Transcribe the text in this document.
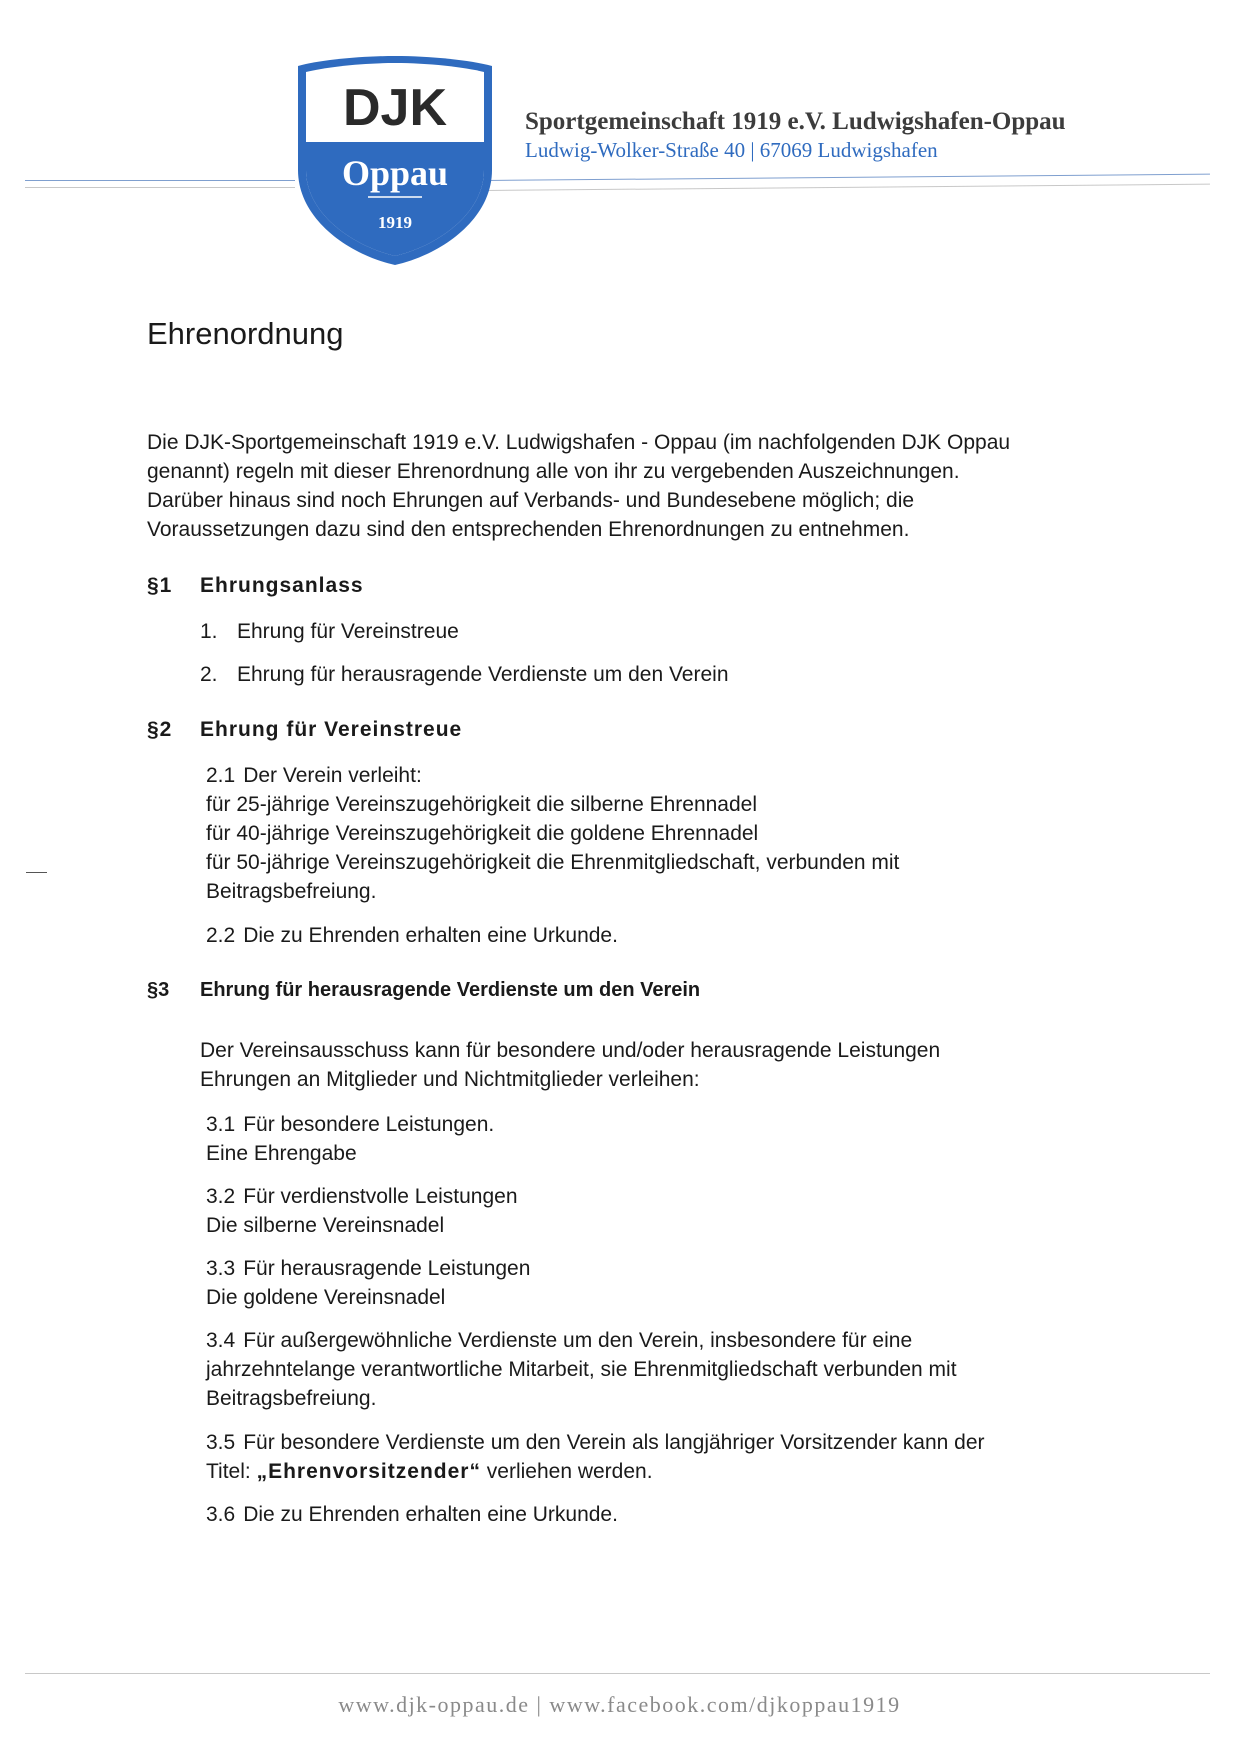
DJK
Oppau
1919
Sportgemeinschaft 1919 e.V. Ludwigshafen-Oppau
Ludwig-Wolker-Straße 40 | 67069 Ludwigshafen
Ehrenordnung
Die DJK-Sportgemeinschaft 1919 e.V. Ludwigshafen - Oppau (im nachfolgenden DJK Oppau
genannt) regeln mit dieser Ehrenordnung alle von ihr zu vergebenden Auszeichnungen.
Darüber hinaus sind noch Ehrungen auf Verbands- und Bundesebene möglich; die
Voraussetzungen dazu sind den entsprechenden Ehrenordnungen zu entnehmen.
§1 Ehrungsanlass
1. Ehrung für Vereinstreue
2. Ehrung für herausragende Verdienste um den Verein
§2 Ehrung für Vereinstreue
2.1 Der Verein verleiht:
für 25-jährige Vereinszugehörigkeit die silberne Ehrennadel
für 40-jährige Vereinszugehörigkeit die goldene Ehrennadel
für 50-jährige Vereinszugehörigkeit die Ehrenmitgliedschaft, verbunden mit
Beitragsbefreiung.
2.2 Die zu Ehrenden erhalten eine Urkunde.
§3 Ehrung für herausragende Verdienste um den Verein
Der Vereinsausschuss kann für besondere und/oder herausragende Leistungen
Ehrungen an Mitglieder und Nichtmitglieder verleihen:
3.1 Für besondere Leistungen.
Eine Ehrengabe
3.2 Für verdienstvolle Leistungen
Die silberne Vereinsnadel
3.3 Für herausragende Leistungen
Die goldene Vereinsnadel
3.4 Für außergewöhnliche Verdienste um den Verein, insbesondere für eine
jahrzehntelange verantwortliche Mitarbeit, sie Ehrenmitgliedschaft verbunden mit
Beitragsbefreiung.
3.5 Für besondere Verdienste um den Verein als langjähriger Vorsitzender kann der
Titel: „Ehrenvorsitzender“ verliehen werden.
3.6 Die zu Ehrenden erhalten eine Urkunde.
www.djk-oppau.de | www.facebook.com/djkoppau1919
